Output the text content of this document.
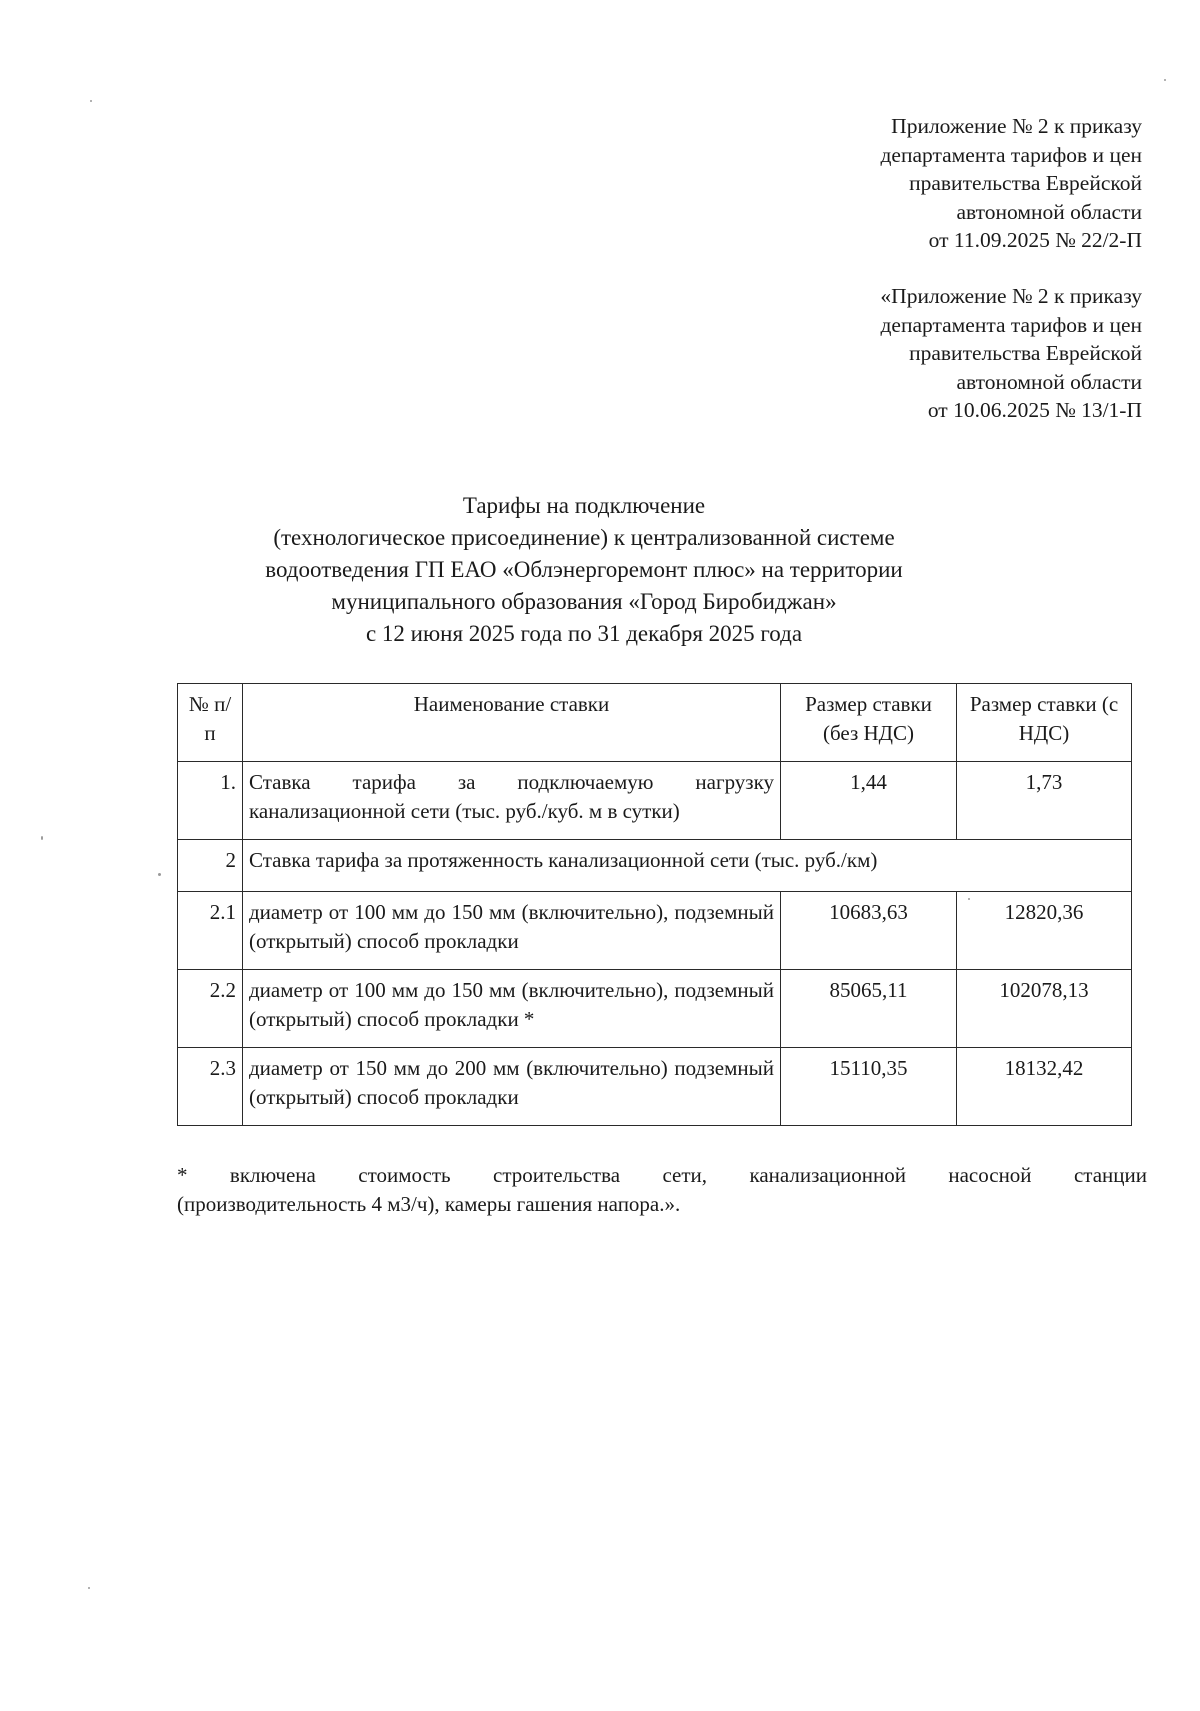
Приложение № 2 к приказу
департамента тарифов и цен
правительства Еврейской
автономной области
от 11.09.2025 № 22/2-П
«Приложение № 2 к приказу
департамента тарифов и цен
правительства Еврейской
автономной области
от 10.06.2025 № 13/1-П
Тарифы на подключение
(технологическое присоединение) к централизованной системе
водоотведения ГП ЕАО «Облэнергоремонт плюс» на территории
муниципального образования «Город Биробиджан»
с 12 июня 2025 года по 31 декабря 2025 года
№ п/п	Наименование ставки	Размер ставки (без НДС)	Размер ставки (с НДС)
1.	Ставка тарифа за подключаемую нагрузку канализационной сети (тыс. руб./куб. м в сутки)	1,44	1,73
2	Ставка тарифа за протяженность канализационной сети (тыс. руб./км)		
2.1	диаметр от 100 мм до 150 мм (включительно), подземный (открытый) способ прокладки	10683,63	12820,36
2.2	диаметр от 100 мм до 150 мм (включительно), подземный (открытый) способ прокладки *	85065,11	102078,13
2.3	диаметр от 150 мм до 200 мм (включительно) подземный (открытый) способ прокладки	15110,35	18132,42
* включена стоимость строительства сети, канализационной насосной станции
(производительность 4 м3/ч), камеры гашения напора.».
